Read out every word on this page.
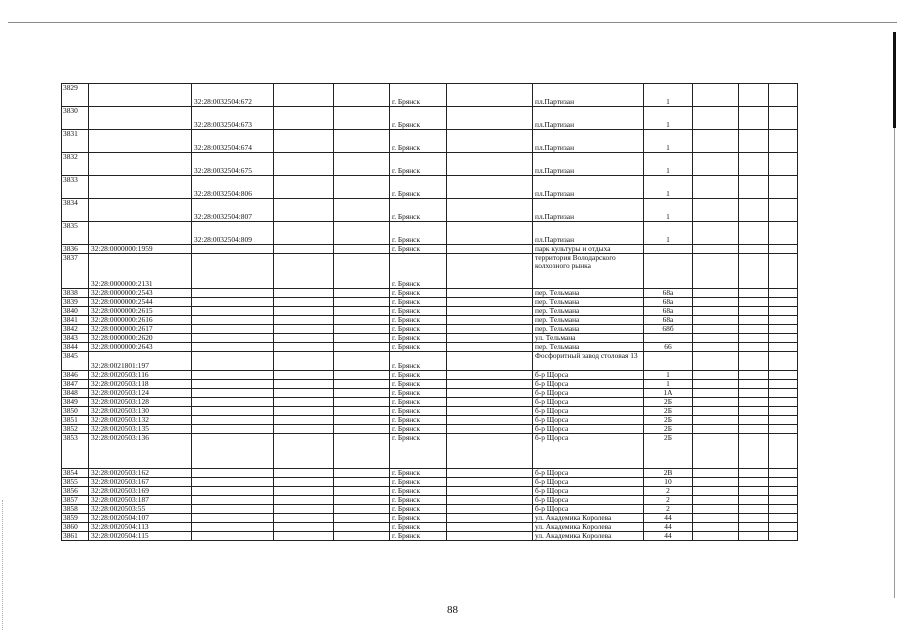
3829		32:28:0032504:672			г. Брянск		пл.Партизан	1			
3830		32:28:0032504:673			г. Брянск		пл.Партизан	1			
3831		32:28:0032504:674			г. Брянск		пл.Партизан	1			
3832		32:28:0032504:675			г. Брянск		пл.Партизан	1			
3833		32:28:0032504:806			г. Брянск		пл.Партизан	1			
3834		32:28:0032504:807			г. Брянск		пл.Партизан	1			
3835		32:28:0032504:809			г. Брянск		пл.Партизан	1			
3836	32:28:0000000:1959				г. Брянск		парк культуры и отдыха				
3837	32:28:0000000:2131				г. Брянск		территория Володарского колхозного рынка				
3838	32:28:0000000:2543				г. Брянск		пер. Тельмана	68а			
3839	32:28:0000000:2544				г. Брянск		пер. Тельмана	68а			
3840	32:28:0000000:2615				г. Брянск		пер. Тельмана	68а			
3841	32:28:0000000:2616				г. Брянск		пер. Тельмана	68а			
3842	32:28:0000000:2617				г. Брянск		пер. Тельмана	68б			
3843	32:28:0000000:2620				г. Брянск		ул. Тельмана				
3844	32:28:0000000:2643				г. Брянск		пер. Тельмана	66			
3845	32:28:0021801:197				г. Брянск		Фосфоритный завод столовая 13				
3846	32:28:0020503:116				г. Брянск		б-р Щорса	1			
3847	32:28:0020503:118				г. Брянск		б-р Щорса	1			
3848	32:28:0020503:124				г. Брянск		б-р Щорса	1А			
3849	32:28:0020503:128				г. Брянск		б-р Щорса	2Б			
3850	32:28:0020503:130				г. Брянск		б-р Щорса	2Б			
3851	32:28:0020503:132				г. Брянск		б-р Щорса	2Б			
3852	32:28:0020503:135				г. Брянск		б-р Щорса	2Б			
3853	32:28:0020503:136				г. Брянск		б-р Щорса	2Б			
3854	32:28:0020503:162				г. Брянск		б-р Щорса	2В			
3855	32:28:0020503:167				г. Брянск		б-р Щорса	10			
3856	32:28:0020503:169				г. Брянск		б-р Щорса	2			
3857	32:28:0020503:187				г. Брянск		б-р Щорса	2			
3858	32:28:0020503:55				г. Брянск		б-р Щорса	2			
3859	32:28:0020504:107				г. Брянск		ул. Академика Королева	44			
3860	32:28:0020504:113				г. Брянск		ул. Академика Королева	44			
3861	32:28:0020504:115				г. Брянск		ул. Академика Королева	44			
88
